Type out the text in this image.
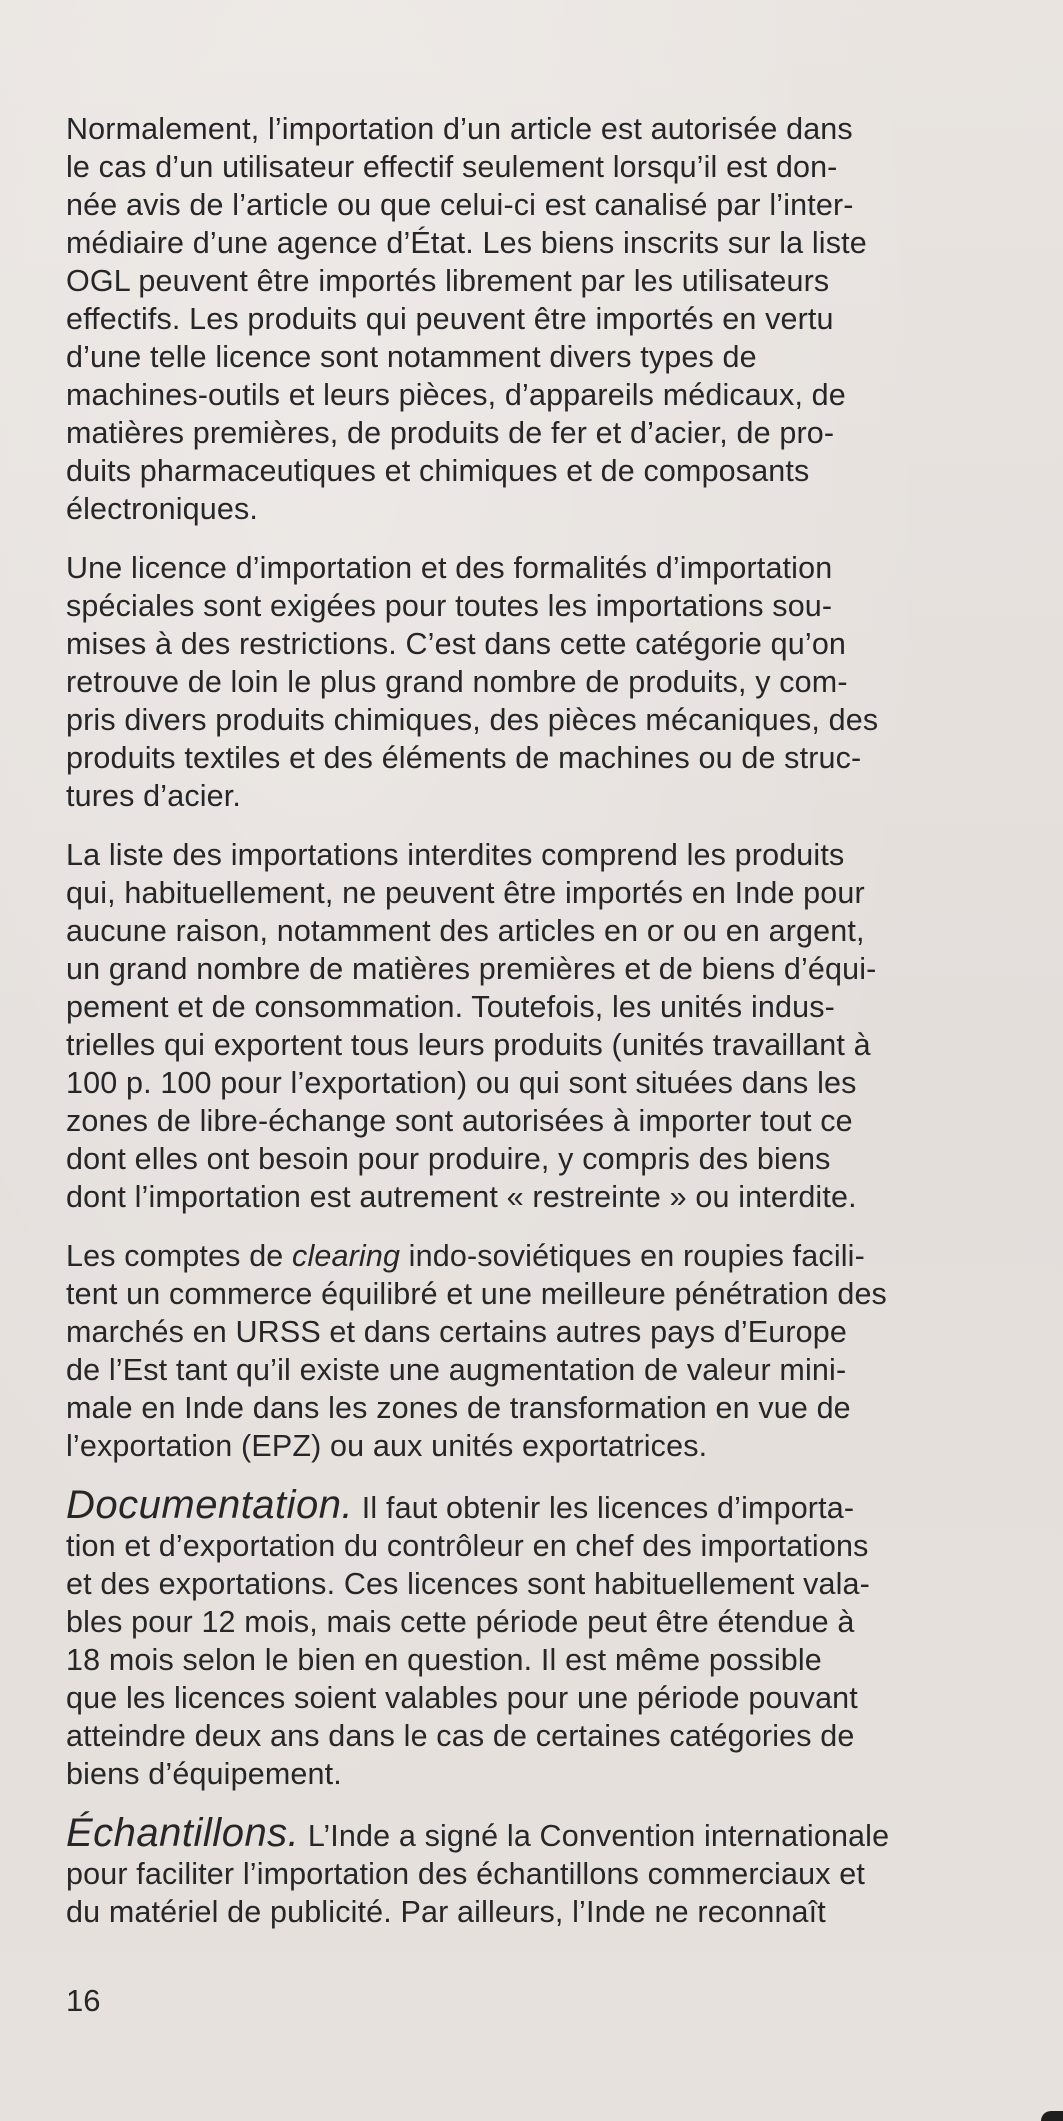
Normalement, l’importation d’un article est autorisée dans
le cas d’un utilisateur effectif seulement lorsqu’il est don-
née avis de l’article ou que celui-ci est canalisé par l’inter-
médiaire d’une agence d’État. Les biens inscrits sur la liste
OGL peuvent être importés librement par les utilisateurs
effectifs. Les produits qui peuvent être importés en vertu
d’une telle licence sont notamment divers types de
machines-outils et leurs pièces, d’appareils médicaux, de
matières premières, de produits de fer et d’acier, de pro-
duits pharmaceutiques et chimiques et de composants
électroniques.

Une licence d’importation et des formalités d’importation
spéciales sont exigées pour toutes les importations sou-
mises à des restrictions. C’est dans cette catégorie qu’on
retrouve de loin le plus grand nombre de produits, y com-
pris divers produits chimiques, des pièces mécaniques, des
produits textiles et des éléments de machines ou de struc-
tures d’acier.

La liste des importations interdites comprend les produits
qui, habituellement, ne peuvent être importés en Inde pour
aucune raison, notamment des articles en or ou en argent,
un grand nombre de matières premières et de biens d’équi-
pement et de consommation. Toutefois, les unités indus-
trielles qui exportent tous leurs produits (unités travaillant à
100 p. 100 pour l’exportation) ou qui sont situées dans les
zones de libre-échange sont autorisées à importer tout ce
dont elles ont besoin pour produire, y compris des biens
dont l’importation est autrement « restreinte » ou interdite.

Les comptes de clearing indo-soviétiques en roupies facili-
tent un commerce équilibré et une meilleure pénétration des
marchés en URSS et dans certains autres pays d’Europe
de l’Est tant qu’il existe une augmentation de valeur mini-
male en Inde dans les zones de transformation en vue de
l’exportation (EPZ) ou aux unités exportatrices.

Documentation. Il faut obtenir les licences d’importa-
tion et d’exportation du contrôleur en chef des importations
et des exportations. Ces licences sont habituellement vala-
bles pour 12 mois, mais cette période peut être étendue à
18 mois selon le bien en question. Il est même possible
que les licences soient valables pour une période pouvant
atteindre deux ans dans le cas de certaines catégories de
biens d’équipement.

Échantillons. L’Inde a signé la Convention internationale
pour faciliter l’importation des échantillons commerciaux et
du matériel de publicité. Par ailleurs, l’Inde ne reconnaît

16
